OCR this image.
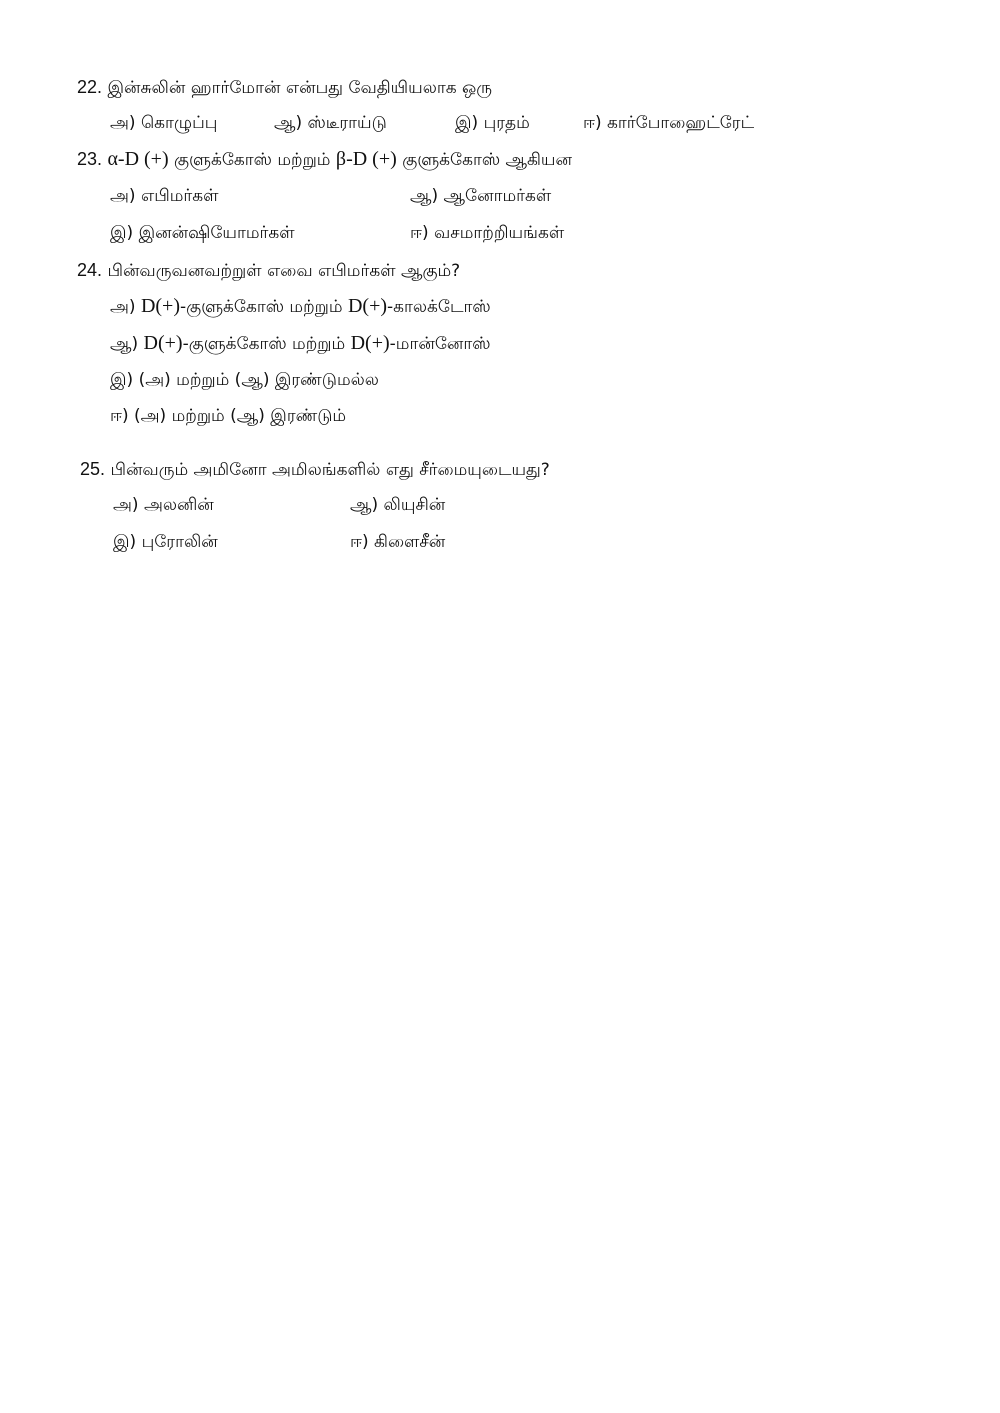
22. இன்சுலின் ஹார்மோன் என்பது வேதியியலாக ஒரு
அ) கொழுப்பு	ஆ) ஸ்டீராய்டு	இ) புரதம்	ஈ) கார்போஹைட்ரேட்
23. α-D (+) குளுக்கோஸ் மற்றும் β-D (+) குளுக்கோஸ் ஆகியன
அ) எபிமர்கள்	ஆ) ஆனோமர்கள்
இ) இனன்ஷியோமர்கள்	ஈ) வசமாற்றியங்கள்
24. பின்வருவனவற்றுள் எவை எபிமர்கள் ஆகும்?
அ) D(+)-குளுக்கோஸ் மற்றும் D(+)-காலக்டோஸ்
ஆ) D(+)-குளுக்கோஸ் மற்றும் D(+)-மான்னோஸ்
இ) (அ) மற்றும் (ஆ) இரண்டுமல்ல
ஈ) (அ) மற்றும் (ஆ) இரண்டும்
25. பின்வரும் அமினோ அமிலங்களில் எது சீர்மையுடையது?
அ) அலனின்	ஆ) லியுசின்
இ) புரோலின்	ஈ) கிளைசீன்
